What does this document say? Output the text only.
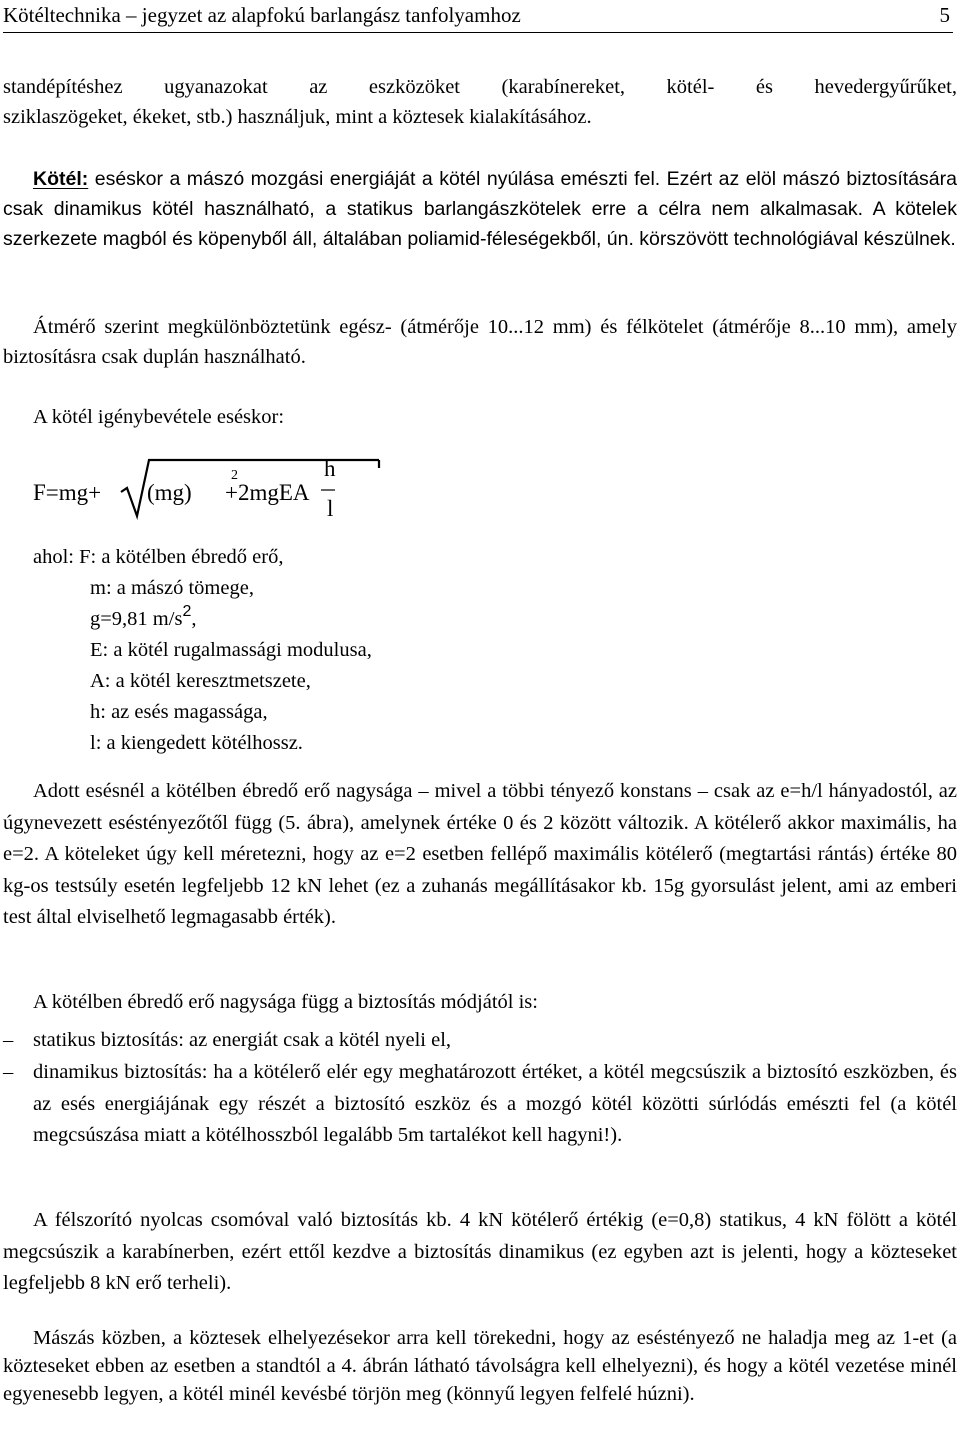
Kötéltechnika – jegyzet az alapfokú barlangász tanfolyamhoz	5

standépítéshez ugyanazokat az eszközöket (karabínereket, kötél- és hevedergyűrűket,

sziklaszögeket, ékeket, stb.) használjuk, mint a köztesek kialakításához.

Kötél: eséskor a mászó mozgási energiáját a kötél nyúlása emészti fel. Ezért az elöl mászó biztosítására csak dinamikus kötél használható, a statikus barlangászkötelek erre a célra nem alkalmasak. A kötelek szerkezete magból és köpenyből áll, általában poliamid-féleségekből, ún. körszövött technológiával készülnek.

Átmérő szerint megkülönböztetünk egész- (átmérője 10...12 mm) és félkötelet (átmérője 8...10 mm), amely biztosításra csak duplán használható.

A kötél igénybevétele eséskor:

F=mg+ (mg)
2
+2mgEA
h
l
ahol: F: a kötélben ébredő erő,
m: a mászó tömege,
g=9,81 $m/s^2$,
E: a kötél rugalmassági modulusa,
A: a kötél keresztmetszete,
h: az esés magassága,
l: a kiengedett kötélhossz.

Adott esésnél a kötélben ébredő erő nagysága – mivel a többi tényező konstans – csak az e=h/l hányadostól, az úgynevezett eséstényezőtől függ (5. ábra), amelynek értéke 0 és 2 között változik. A kötélerő akkor maximális, ha e=2. A köteleket úgy kell méretezni, hogy az e=2 esetben fellépő maximális kötélerő (megtartási rántás) értéke 80 kg-os testsúly esetén legfeljebb 12 kN lehet (ez a zuhanás megállításakor kb. 15g gyorsulást jelent, ami az emberi test által elviselhető legmagasabb érték).

A kötélben ébredő erő nagysága függ a biztosítás módjától is:

– statikus biztosítás: az energiát csak a kötél nyeli el,

– dinamikus biztosítás: ha a kötélerő elér egy meghatározott értéket, a kötél megcsúszik a biztosító eszközben, és az esés energiájának egy részét a biztosító eszköz és a mozgó kötél közötti súrlódás emészti fel (a kötél megcsúszása miatt a kötélhosszból legalább 5m tartalékot kell hagyni!).

A félszorító nyolcas csomóval való biztosítás kb. 4 kN kötélerő értékig (e=0,8) statikus, 4 kN fölött a kötél megcsúszik a karabínerben, ezért ettől kezdve a biztosítás dinamikus (ez egyben azt is jelenti, hogy a közteseket legfeljebb 8 kN erő terheli).

Mászás közben, a köztesek elhelyezésekor arra kell törekedni, hogy az eséstényező ne haladja meg az 1-et (a közteseket ebben az esetben a standtól a 4. ábrán látható távolságra kell elhelyezni), és hogy a kötél vezetése minél egyenesebb legyen, a kötél minél kevésbé törjön meg (könnyű legyen felfelé húzni).
